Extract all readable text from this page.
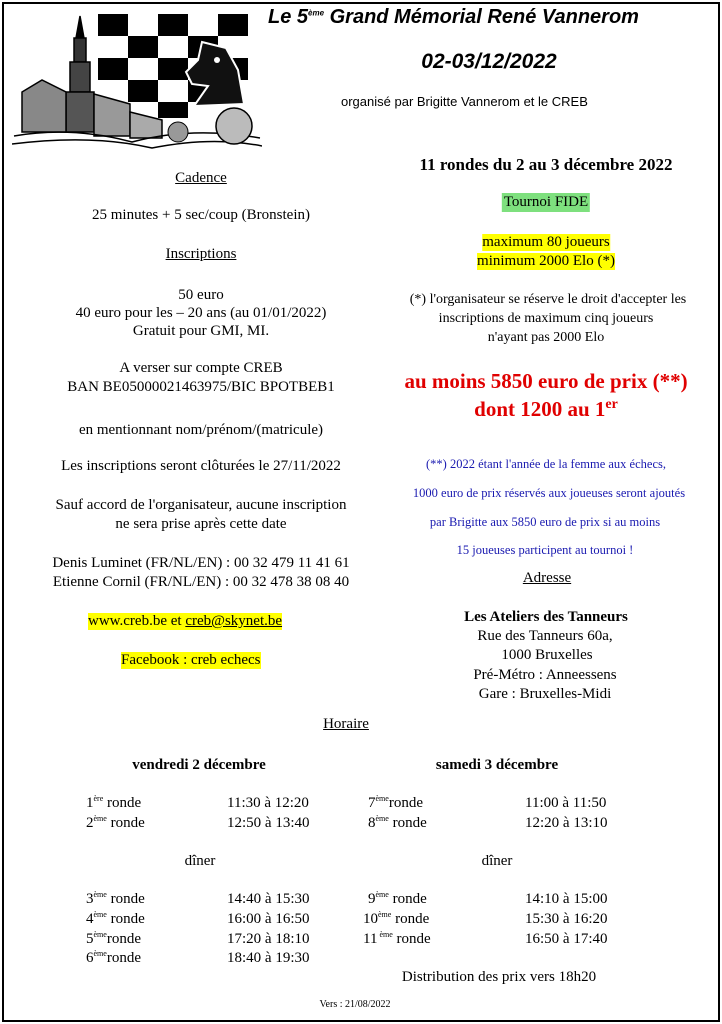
Le 5ème Grand Mémorial René Vannerom
02-03/12/2022
organisé par Brigitte Vannerom et le CREB
Cadence
25 minutes + 5 sec/coup (Bronstein)
Inscriptions
50 euro
40 euro pour les – 20 ans (au 01/01/2022)
Gratuit pour GMI, MI.
A verser sur compte CREB
BAN BE05000021463975/BIC BPOTBEB1
en mentionnant nom/prénom/(matricule)
Les inscriptions seront clôturées le 27/11/2022
Sauf accord de l'organisateur, aucune inscription
ne sera prise après cette date
Denis Luminet (FR/NL/EN) : 00 32 479 11 41 61
Etienne Cornil (FR/NL/EN) : 00 32 478 38 08 40
www.creb.be et creb@skynet.be
Facebook : creb echecs
11 rondes du 2 au 3 décembre 2022
Tournoi FIDE
maximum 80 joueurs
minimum 2000 Elo (*)
(*) l'organisateur se réserve le droit d'accepter les
inscriptions de maximum cinq joueurs
n'ayant pas 2000 Elo
au moins 5850 euro de prix (**)
dont 1200 au 1er
(**) 2022 étant l'année de la femme aux échecs,
1000 euro de prix réservés aux joueuses seront ajoutés
par Brigitte aux 5850 euro de prix si au moins
15 joueuses participent au tournoi !
Adresse
Les Ateliers des Tanneurs
Rue des Tanneurs 60a,
1000 Bruxelles
Pré-Métro : Anneessens
Gare : Bruxelles-Midi
Horaire
vendredi 2 décembre	samedi 3 décembre
1ère ronde	11:30 à 12:20
2ème ronde	12:50 à 13:40
dîner
3ème ronde	14:40 à 15:30
4ème ronde	16:00 à 16:50
5èmeronde	17:20 à 18:10
6èmeronde	18:40 à 19:30
7èmeronde	11:00 à 11:50
8ème ronde	12:20 à 13:10
dîner
9ème ronde	14:10 à 15:00
10ème ronde	15:30 à 16:20
11 $^{ème}$ ronde	16:50 à 17:40
Distribution des prix vers 18h20
Vers : 21/08/2022
